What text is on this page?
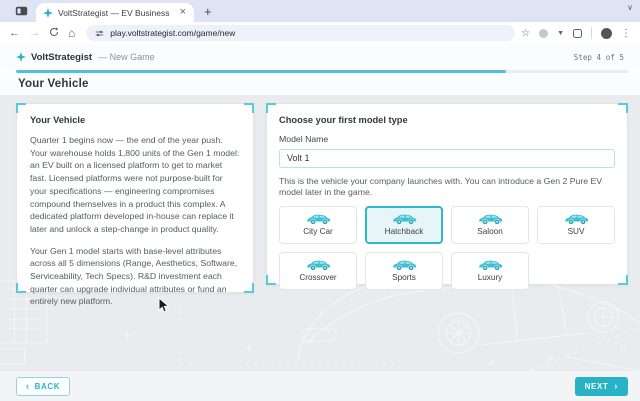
VoltStrategist — EV Business × +	∨
← → ⌂	play.voltstrategist.com/game/new	☆	▼	⋮
VoltStrategist — New Game	Step 4 of 5
Your Vehicle
Your Vehicle

Quarter 1 begins now — the end of the year push. Your warehouse holds 1,800 units of the Gen 1 model: an EV built on a licensed platform to get to market fast. Licensed platforms were not purpose-built for your specifications — engineering compromises compound themselves in a product this complex. A dedicated platform developed in-house can replace it later and unlock a step-change in product quality.

Your Gen 1 model starts with base-level attributes across all 5 dimensions (Range, Aesthetics, Software, Serviceability, Tech Specs). R&D investment each quarter can upgrade individual attributes or fund an entirely new platform.

Choose your first model type
Model Name
Volt 1
This is the vehicle your company launches with. You can introduce a Gen 2 Pure EV model later in the game.
City Car	Hatchback	Saloon	SUV
Crossover	Sports	Luxury
‹ BACK	NEXT ›
